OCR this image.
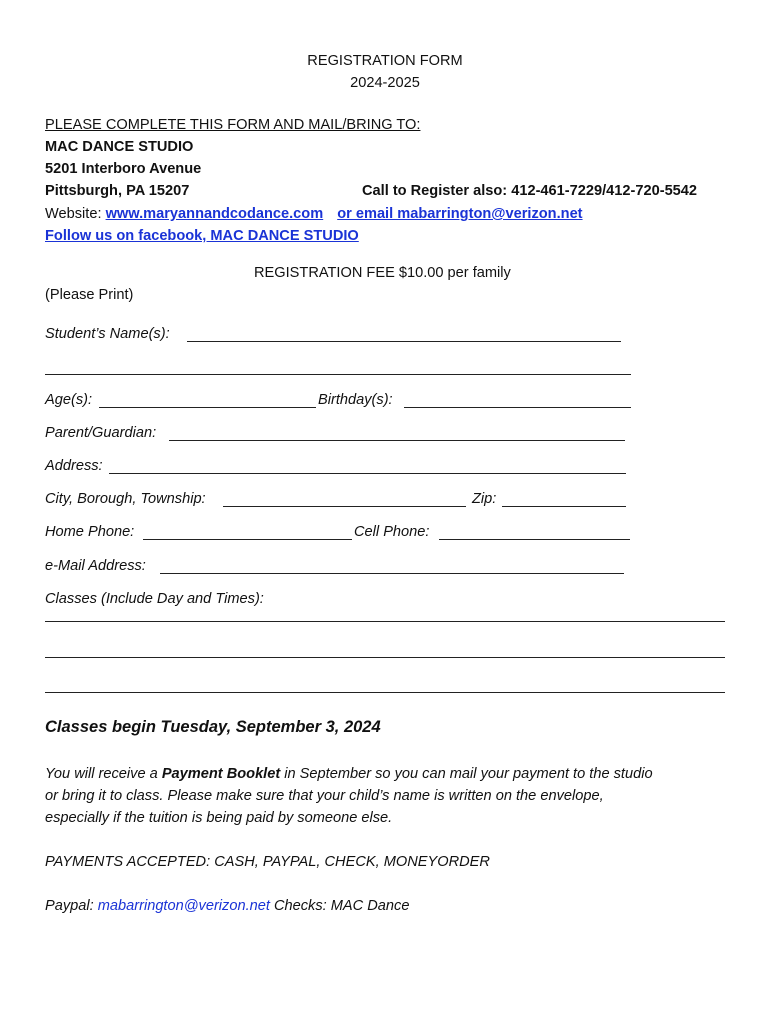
REGISTRATION FORM
2024-2025
PLEASE COMPLETE THIS FORM AND MAIL/BRING TO:
MAC DANCE STUDIO
5201 Interboro Avenue
Pittsburgh, PA 15207	Call to Register also: 412-461-7229/412-720-5542
Website: www.maryannandcodance.com or email mabarrington@verizon.net
Follow us on facebook, MAC DANCE STUDIO
REGISTRATION FEE $10.00 per family
(Please Print)
Student’s Name(s):
Age(s):	Birthday(s):
Parent/Guardian:
Address:
City, Borough, Township:	Zip:
Home Phone:	Cell Phone:
e-Mail Address:
Classes (Include Day and Times):
Classes begin Tuesday, September 3, 2024
You will receive a Payment Booklet in September so you can mail your payment to the studio
or bring it to class. Please make sure that your child’s name is written on the envelope,
especially if the tuition is being paid by someone else.
PAYMENTS ACCEPTED: CASH, PAYPAL, CHECK, MONEYORDER
Paypal: mabarrington@verizon.net Checks: MAC Dance
